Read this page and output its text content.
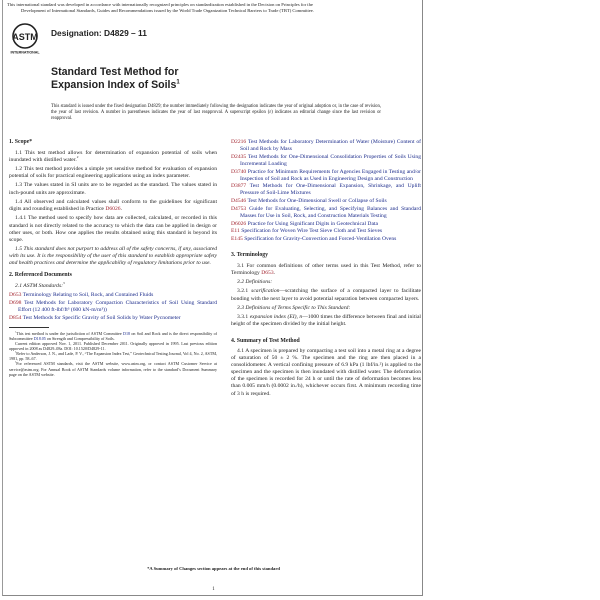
This international standard was developed in accordance with internationally recognized principles on standardization established in the Decision on Principles for the
Development of International Standards, Guides and Recommendations issued by the World Trade Organization Technical Barriers to Trade (TBT) Committee.
ASTM
INTERNATIONAL
Designation: D4829 – 11
Standard Test Method for
Expansion Index of Soils$^1$
This standard is issued under the fixed designation D4829; the number immediately following the designation indicates the year of original adoption or, in the case of revision, the year of last revision. A number in parentheses indicates the year of last reapproval. A superscript epsilon (ε) indicates an editorial change since the last revision or reapproval.
1. Scope*

1.1 This test method allows for determination of expansion potential of soils when inundated with distilled water.$^2$

1.2 This test method provides a simple yet sensitive method for evaluation of expansion potential of soils for practical engineering applications using an index parameter.

1.3 The values stated in SI units are to be regarded as the standard. The values stated in inch-pound units are approximate.

1.4 All observed and calculated values shall conform to the guidelines for significant digits and rounding established in Practice D6026.

1.4.1 The method used to specify how data are collected, calculated, or recorded in this standard is not directly related to the accuracy to which the data can be applied in design or other uses, or both. How one applies the results obtained using this standard is beyond its scope.

1.5 This standard does not purport to address all of the safety concerns, if any, associated with its use. It is the responsibility of the user of this standard to establish appropriate safety and health practices and determine the applicability of regulatory limitations prior to use.

2. Referenced Documents

2.1 ASTM Standards:$^3$

D653 Terminology Relating to Soil, Rock, and Contained Fluids

D698 Test Methods for Laboratory Compaction Characteristics of Soil Using Standard Effort (12 400 ft-lbf/ft³ (600 kN-m/m³))

D854 Test Methods for Specific Gravity of Soil Solids by Water Pycnometer

$^1$This test method is under the jurisdiction of ASTM Committee D18 on Soil and Rock and is the direct responsibility of Subcommittee D18.05 on Strength and Compressibility of Soils.

Current edition approved Nov. 1, 2011. Published December 2011. Originally approved in 1995. Last previous edition approved in 2008 as D4829–08a. DOI: 10.1520/D4829-11.

$^2$Refer to Anderson, J. N., and Lade, P. V., “The Expansion Index Test,” Geotechnical Testing Journal, Vol 4, No. 2, ASTM, 1981, pp. 58–67.

$^3$For referenced ASTM standards, visit the ASTM website, www.astm.org, or contact ASTM Customer Service at service@astm.org. For Annual Book of ASTM Standards volume information, refer to the standard’s Document Summary page on the ASTM website.

D2216 Test Methods for Laboratory Determination of Water (Moisture) Content of Soil and Rock by Mass

D2435 Test Methods for One-Dimensional Consolidation Properties of Soils Using Incremental Loading

D3740 Practice for Minimum Requirements for Agencies Engaged in Testing and/or Inspection of Soil and Rock as Used in Engineering Design and Construction

D3877 Test Methods for One-Dimensional Expansion, Shrinkage, and Uplift Pressure of Soil-Lime Mixtures

D4546 Test Methods for One-Dimensional Swell or Collapse of Soils

D4753 Guide for Evaluating, Selecting, and Specifying Balances and Standard Masses for Use in Soil, Rock, and Construction Materials Testing

D6026 Practice for Using Significant Digits in Geotechnical Data

E11 Specification for Woven Wire Test Sieve Cloth and Test Sieves

E145 Specification for Gravity-Convection and Forced-Ventilation Ovens

3. Terminology

3.1 For common definitions of other terms used in this Test Method, refer to Terminology D653.

3.2 Definitions:

3.2.1 scarification—scratching the surface of a compacted layer to facilitate bonding with the next layer to avoid potential separation between compacted layers.

3.3 Definitions of Terms Specific to This Standard:

3.3.1 expansion index (EI), n—1000 times the difference between final and initial height of the specimen divided by the initial height.

4. Summary of Test Method

4.1 A specimen is prepared by compacting a test soil into a metal ring at a degree of saturation of 50 ± 2 %. The specimen and the ring are then placed in a consolidometer. A vertical confining pressure of 6.9 kPa (1 lbf/in.²) is applied to the specimen and the specimen is then inundated with distilled water. The deformation of the specimen is recorded for 24 h or until the rate of deformation becomes less than 0.005 mm/h (0.0002 in./h), whichever occurs first. A minimum recording time of 3 h is required.

*A Summary of Changes section appears at the end of this standard
1
